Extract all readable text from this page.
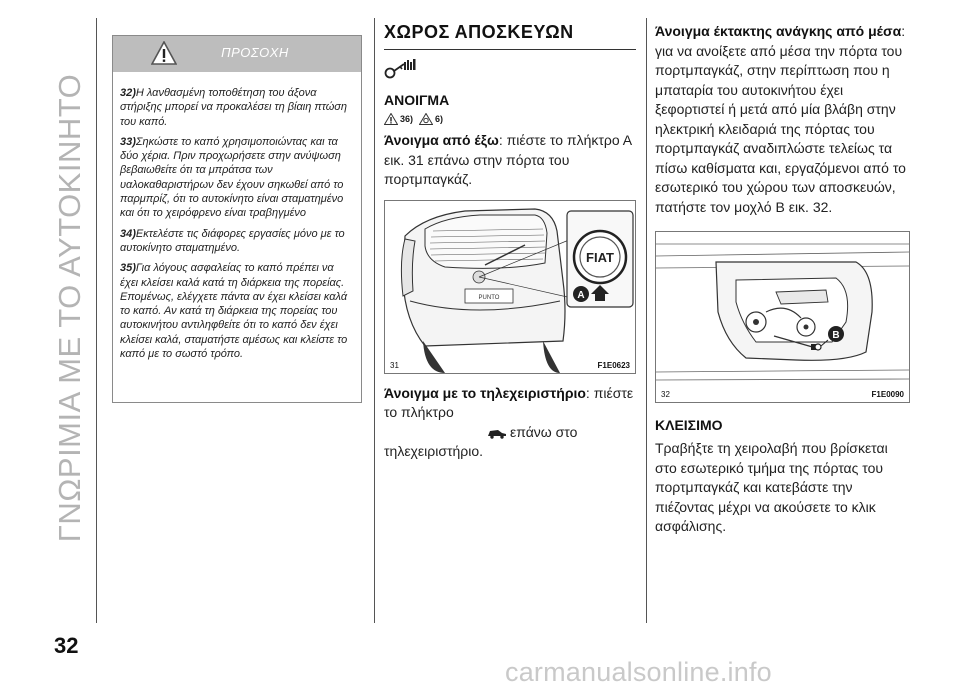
ΓΝΩΡΙΜΙΑ ΜΕ ΤΟ ΑΥΤΟΚΙΝΗΤΟ
ΠΡΟΣΟΧΗ

32)Η λανθασμένη τοποθέτηση του άξονα στήριξης μπορεί να προκαλέσει τη βίαιη πτώση του καπό.

33)Σηκώστε το καπό χρησιμοποιώντας και τα δύο χέρια. Πριν προχωρήσετε στην ανύψωση βεβαιωθείτε ότι τα μπράτσα των υαλοκαθαριστήρων δεν έχουν σηκωθεί από το παρμπρίζ, ότι το αυτοκίνητο είναι σταματημένο και ότι το χειρόφρενο είναι τραβηγμένο

34)Εκτελέστε τις διάφορες εργασίες μόνο με το αυτοκίνητο σταματημένο.

35)Για λόγους ασφαλείας το καπό πρέπει να έχει κλείσει καλά κατά τη διάρκεια της πορείας. Επομένως, ελέγχετε πάντα αν έχει κλείσει καλά το καπό. Αν κατά τη διάρκεια της πορείας του αυτοκινήτου αντιληφθείτε ότι το καπό δεν έχει κλείσει καλά, σταματήστε αμέσως και κλείστε το καπό με το σωστό τρόπο.

ΧΩΡΟΣ ΑΠΟΣΚΕΥΩΝ
ΑΝΟΙΓΜΑ
36) 6)
Άνοιγμα από έξω: πιέστε το πλήκτρο Α εικ. 31 επάνω στην πόρτα του πορτμπαγκάζ.
PUNTO
FIAT
A
31	F1E0623
Άνοιγμα με το τηλεχειριστήριο: πιέστε το πλήκτρο
επάνω στο τηλεχειριστήριο.
Άνοιγμα έκτακτης ανάγκης από μέσα: για να ανοίξετε από μέσα την πόρτα του πορτμπαγκάζ, στην περίπτωση που η μπαταρία του αυτοκινήτου έχει ξεφορτιστεί ή μετά από μία βλάβη στην ηλεκτρική κλειδαριά της πόρτας του πορτμπαγκάζ αναδιπλώστε τελείως τα πίσω καθίσματα και, εργαζόμενοι από το εσωτερικό του χώρου των αποσκευών, πατήστε τον μοχλό Β εικ. 32.
B
32	F1E0090
ΚΛΕΙΣΙΜΟ
Τραβήξτε τη χειρολαβή που βρίσκεται στο εσωτερικό τμήμα της πόρτας του πορτμπαγκάζ και κατεβάστε την πιέζοντας μέχρι να ακούσετε το κλικ ασφάλισης.
32
carmanualsonline.info
